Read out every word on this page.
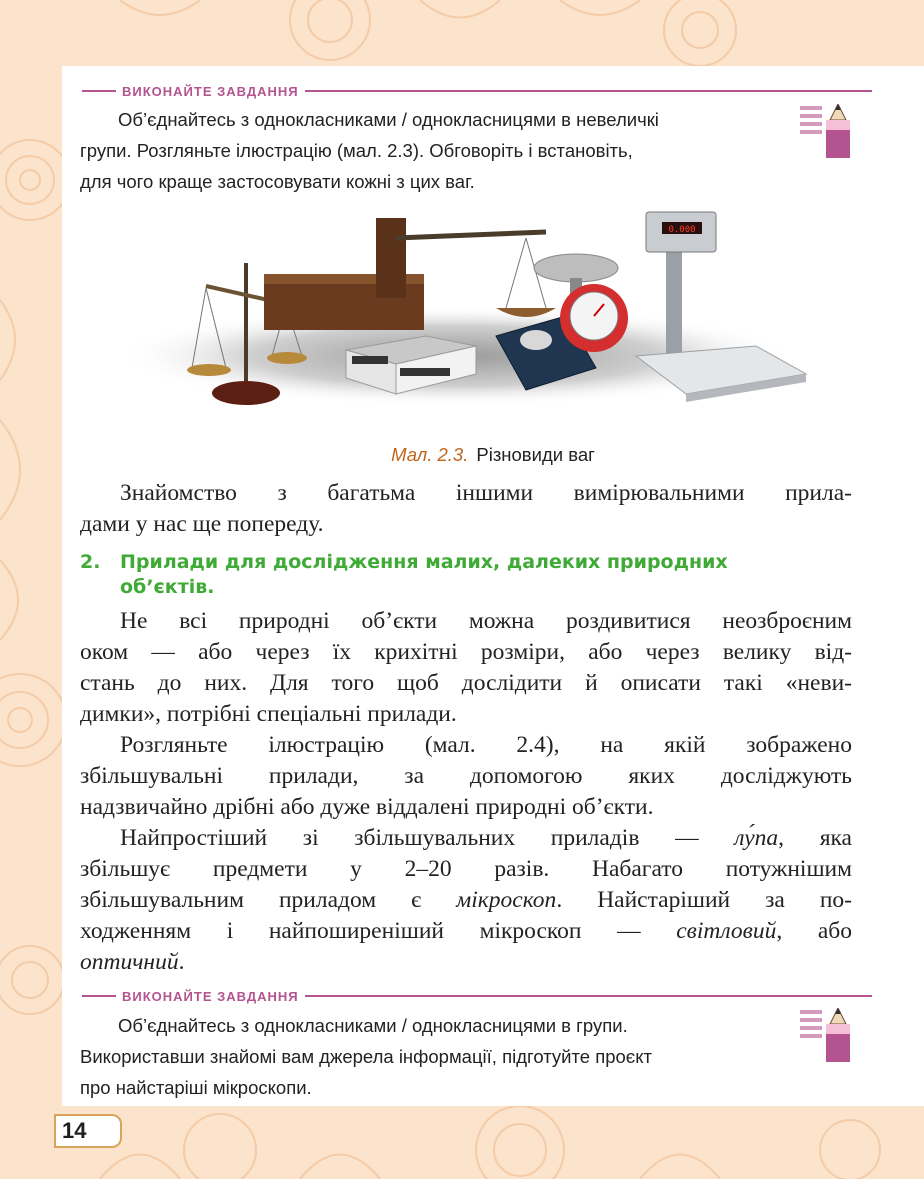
ВИКОНАЙТЕ ЗАВДАННЯ
Об’єднайтесь з однокласниками / однокласницями в невеличкі
групи. Розгляньте ілюстрацію (мал. 2.3). Обговоріть і встановіть,
для чого краще застосовувати кожні з цих ваг.
0.000
Мал. 2.3. Різновиди ваг
Знайомство з багатьма іншими вимірювальними прила-
дами у нас ще попереду.
2. Прилади для дослідження малих, далеких природних
об’єктів.
Не всі природні об’єкти можна роздивитися неозброєним
оком — або через їх крихітні розміри, або через велику від-
стань до них. Для того щоб дослідити й описати такі «неви-
димки», потрібні спеціальні прилади.
Розгляньте ілюстрацію (мал. 2.4), на якій зображено
збільшувальні прилади, за допомогою яких досліджують
надзвичайно дрібні або дуже віддалені природні об’єкти.
Найпростіший зі збільшувальних приладів — лу́па, яка
збільшує предмети у 2–20 разів. Набагато потужнішим
збільшувальним приладом є мікроскоп. Найстаріший за по-
ходженням і найпоширеніший мікроскоп — світловий, або
оптичний.
ВИКОНАЙТЕ ЗАВДАННЯ
Об’єднайтесь з однокласниками / однокласницями в групи.
Використавши знайомі вам джерела інформації, підготуйте проєкт
про найстаріші мікроскопи.
14
